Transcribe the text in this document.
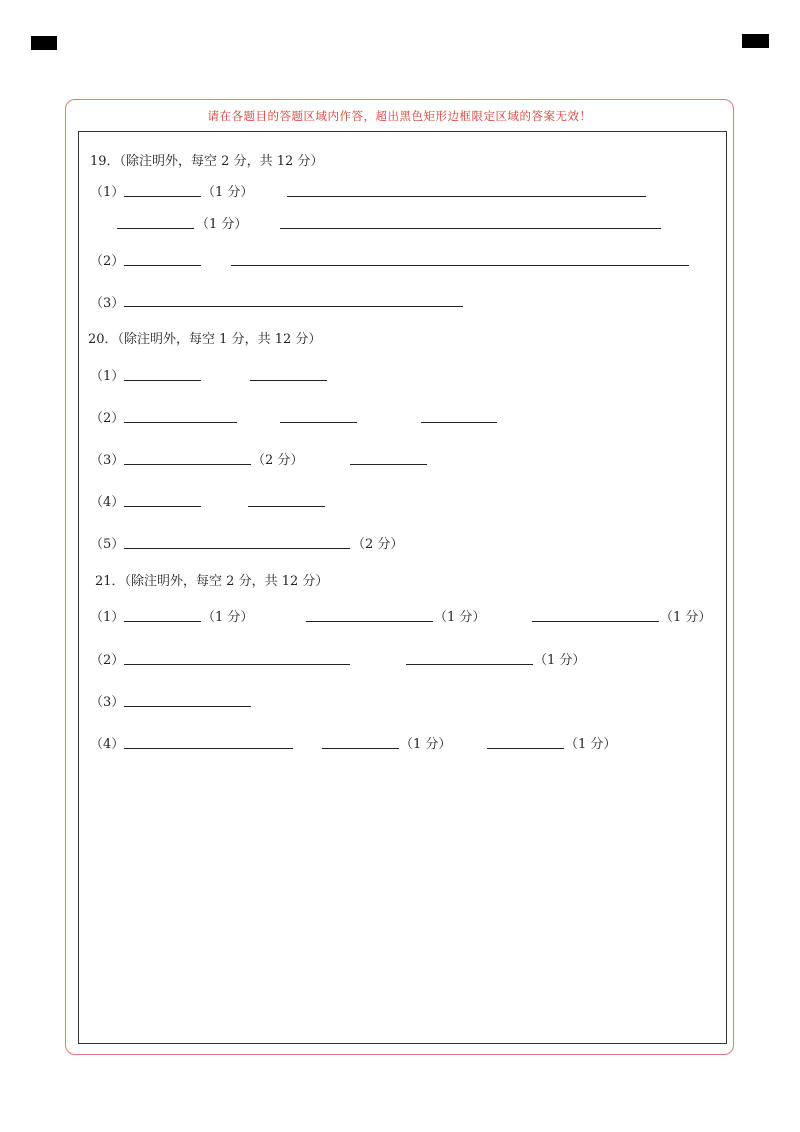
请在各题目的答题区域内作答，超出黑色矩形边框限定区域的答案无效！
19．（除注明外，每空 2 分，共 12 分）
（1）	（1 分）
（1 分）
（2）
（3）
20．（除注明外，每空 1 分，共 12 分）
（1）
（2）
（3）	（2 分）
（4）
（5）	（2 分）
21．（除注明外，每空 2 分，共 12 分）
（1）	（1 分）	（1 分）	（1 分）
（2）	（1 分）
（3）
（4）	（1 分）	（1 分）
